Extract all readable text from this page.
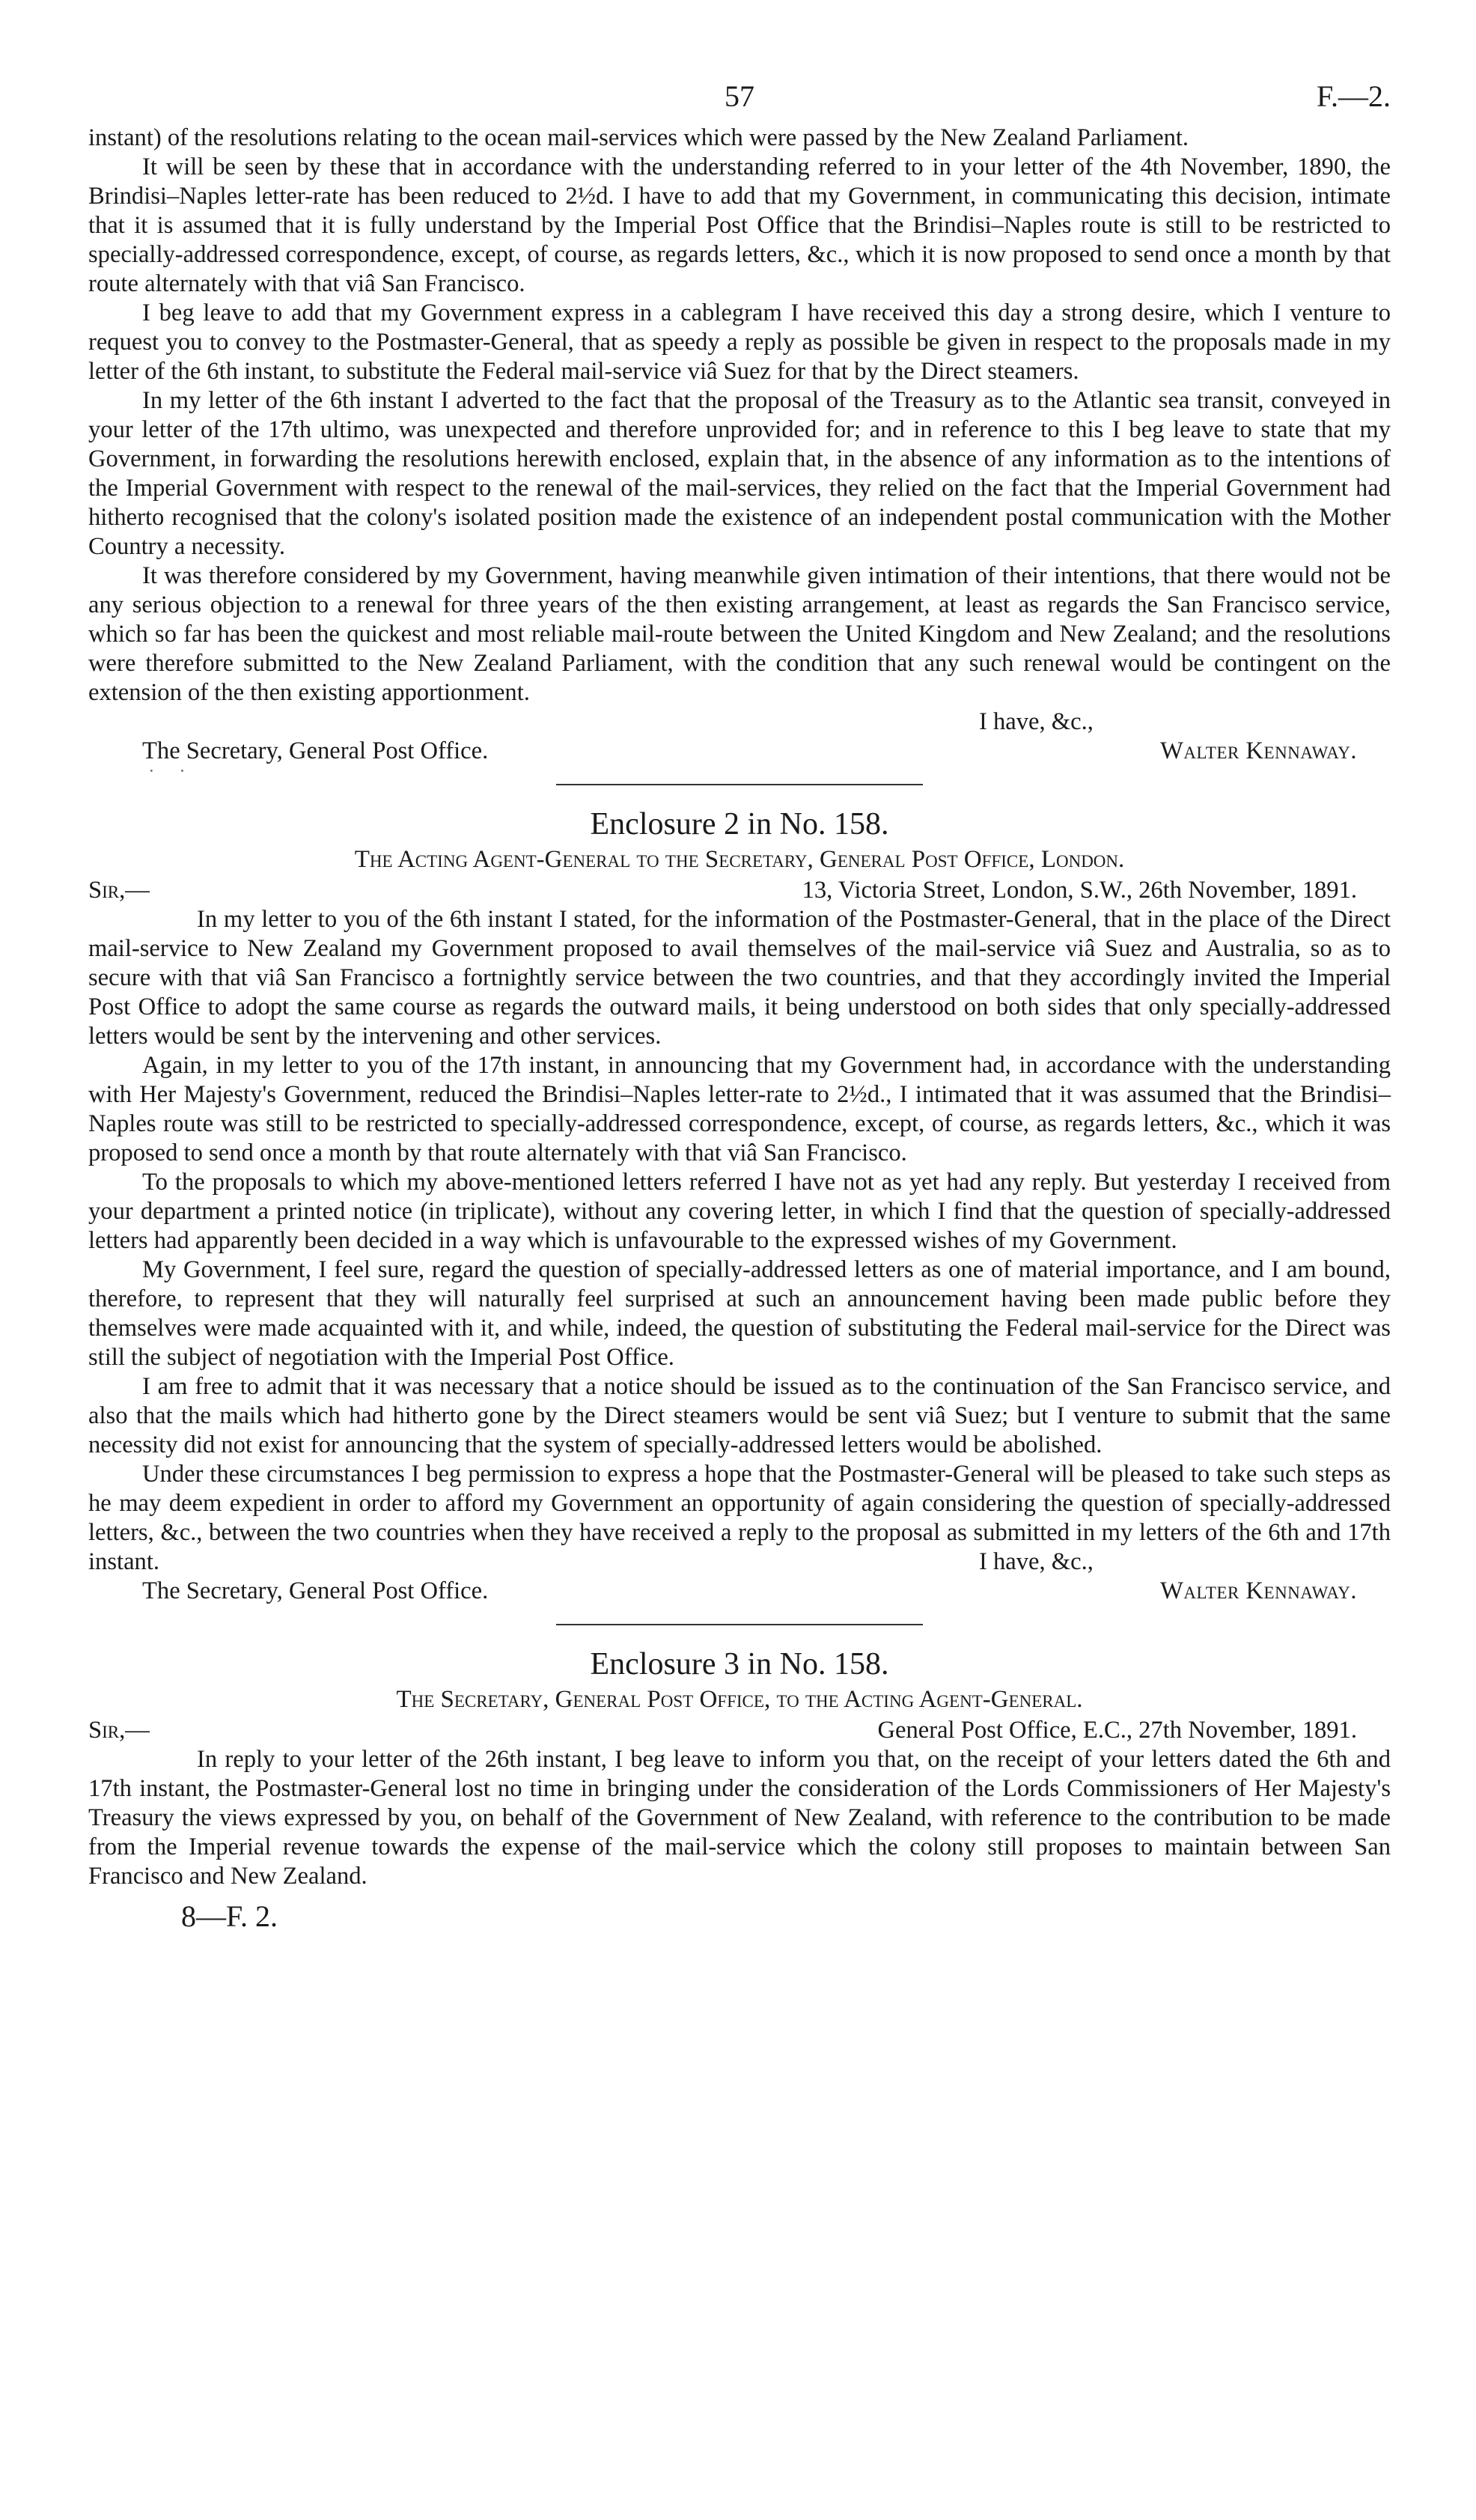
57	F.—2.

instant) of the resolutions relating to the ocean mail-services which were passed by the New Zealand Parliament.

It will be seen by these that in accordance with the understanding referred to in your letter of the 4th November, 1890, the Brindisi–Naples letter-rate has been reduced to 2½d. I have to add that my Government, in communicating this decision, intimate that it is assumed that it is fully understand by the Imperial Post Office that the Brindisi–Naples route is still to be restricted to specially-addressed correspondence, except, of course, as regards letters, &c., which it is now proposed to send once a month by that route alternately with that viâ San Francisco.

I beg leave to add that my Government express in a cablegram I have received this day a strong desire, which I venture to request you to convey to the Postmaster-General, that as speedy a reply as possible be given in respect to the proposals made in my letter of the 6th instant, to substitute the Federal mail-service viâ Suez for that by the Direct steamers.

In my letter of the 6th instant I adverted to the fact that the proposal of the Treasury as to the Atlantic sea transit, conveyed in your letter of the 17th ultimo, was unexpected and therefore unprovided for; and in reference to this I beg leave to state that my Government, in forwarding the resolutions herewith enclosed, explain that, in the absence of any information as to the intentions of the Imperial Government with respect to the renewal of the mail-services, they relied on the fact that the Imperial Government had hitherto recognised that the colony's isolated position made the existence of an independent postal communication with the Mother Country a necessity.

It was therefore considered by my Government, having meanwhile given intimation of their intentions, that there would not be any serious objection to a renewal for three years of the then existing arrangement, at least as regards the San Francisco service, which so far has been the quickest and most reliable mail-route between the United Kingdom and New Zealand; and the resolutions were therefore submitted to the New Zealand Parliament, with the condition that any such renewal would be contingent on the extension of the then existing apportionment.

I have, &c.,
The Secretary, General Post Office.	Walter Kennaway.
·     ·
Enclosure 2 in No. 158.
The Acting Agent-General to the Secretary, General Post Office, London.
Sir,—	13, Victoria Street, London, S.W., 26th November, 1891.

In my letter to you of the 6th instant I stated, for the information of the Postmaster-General, that in the place of the Direct mail-service to New Zealand my Government proposed to avail themselves of the mail-service viâ Suez and Australia, so as to secure with that viâ San Francisco a fortnightly service between the two countries, and that they accordingly invited the Imperial Post Office to adopt the same course as regards the outward mails, it being understood on both sides that only specially-addressed letters would be sent by the intervening and other services.

Again, in my letter to you of the 17th instant, in announcing that my Government had, in accordance with the understanding with Her Majesty's Government, reduced the Brindisi–Naples letter-rate to 2½d., I intimated that it was assumed that the Brindisi–Naples route was still to be restricted to specially-addressed correspondence, except, of course, as regards letters, &c., which it was proposed to send once a month by that route alternately with that viâ San Francisco.

To the proposals to which my above-mentioned letters referred I have not as yet had any reply. But yesterday I received from your department a printed notice (in triplicate), without any covering letter, in which I find that the question of specially-addressed letters had apparently been decided in a way which is unfavourable to the expressed wishes of my Government.

My Government, I feel sure, regard the question of specially-addressed letters as one of material importance, and I am bound, therefore, to represent that they will naturally feel surprised at such an announcement having been made public before they themselves were made acquainted with it, and while, indeed, the question of substituting the Federal mail-service for the Direct was still the subject of negotiation with the Imperial Post Office.

I am free to admit that it was necessary that a notice should be issued as to the continuation of the San Francisco service, and also that the mails which had hitherto gone by the Direct steamers would be sent viâ Suez; but I venture to submit that the same necessity did not exist for announcing that the system of specially-addressed letters would be abolished.

Under these circumstances I beg permission to express a hope that the Postmaster-General will be pleased to take such steps as he may deem expedient in order to afford my Government an opportunity of again considering the question of specially-addressed letters, &c., between the two countries when they have received a reply to the proposal as submitted in my letters of the 6th and 17th instant.	I have, &c.,
The Secretary, General Post Office.	Walter Kennaway.
Enclosure 3 in No. 158.
The Secretary, General Post Office, to the Acting Agent-General.
Sir,—	General Post Office, E.C., 27th November, 1891.

In reply to your letter of the 26th instant, I beg leave to inform you that, on the receipt of your letters dated the 6th and 17th instant, the Postmaster-General lost no time in bringing under the consideration of the Lords Commissioners of Her Majesty's Treasury the views expressed by you, on behalf of the Government of New Zealand, with reference to the contribution to be made from the Imperial revenue towards the expense of the mail-service which the colony still proposes to maintain between San Francisco and New Zealand.

8—F. 2.
